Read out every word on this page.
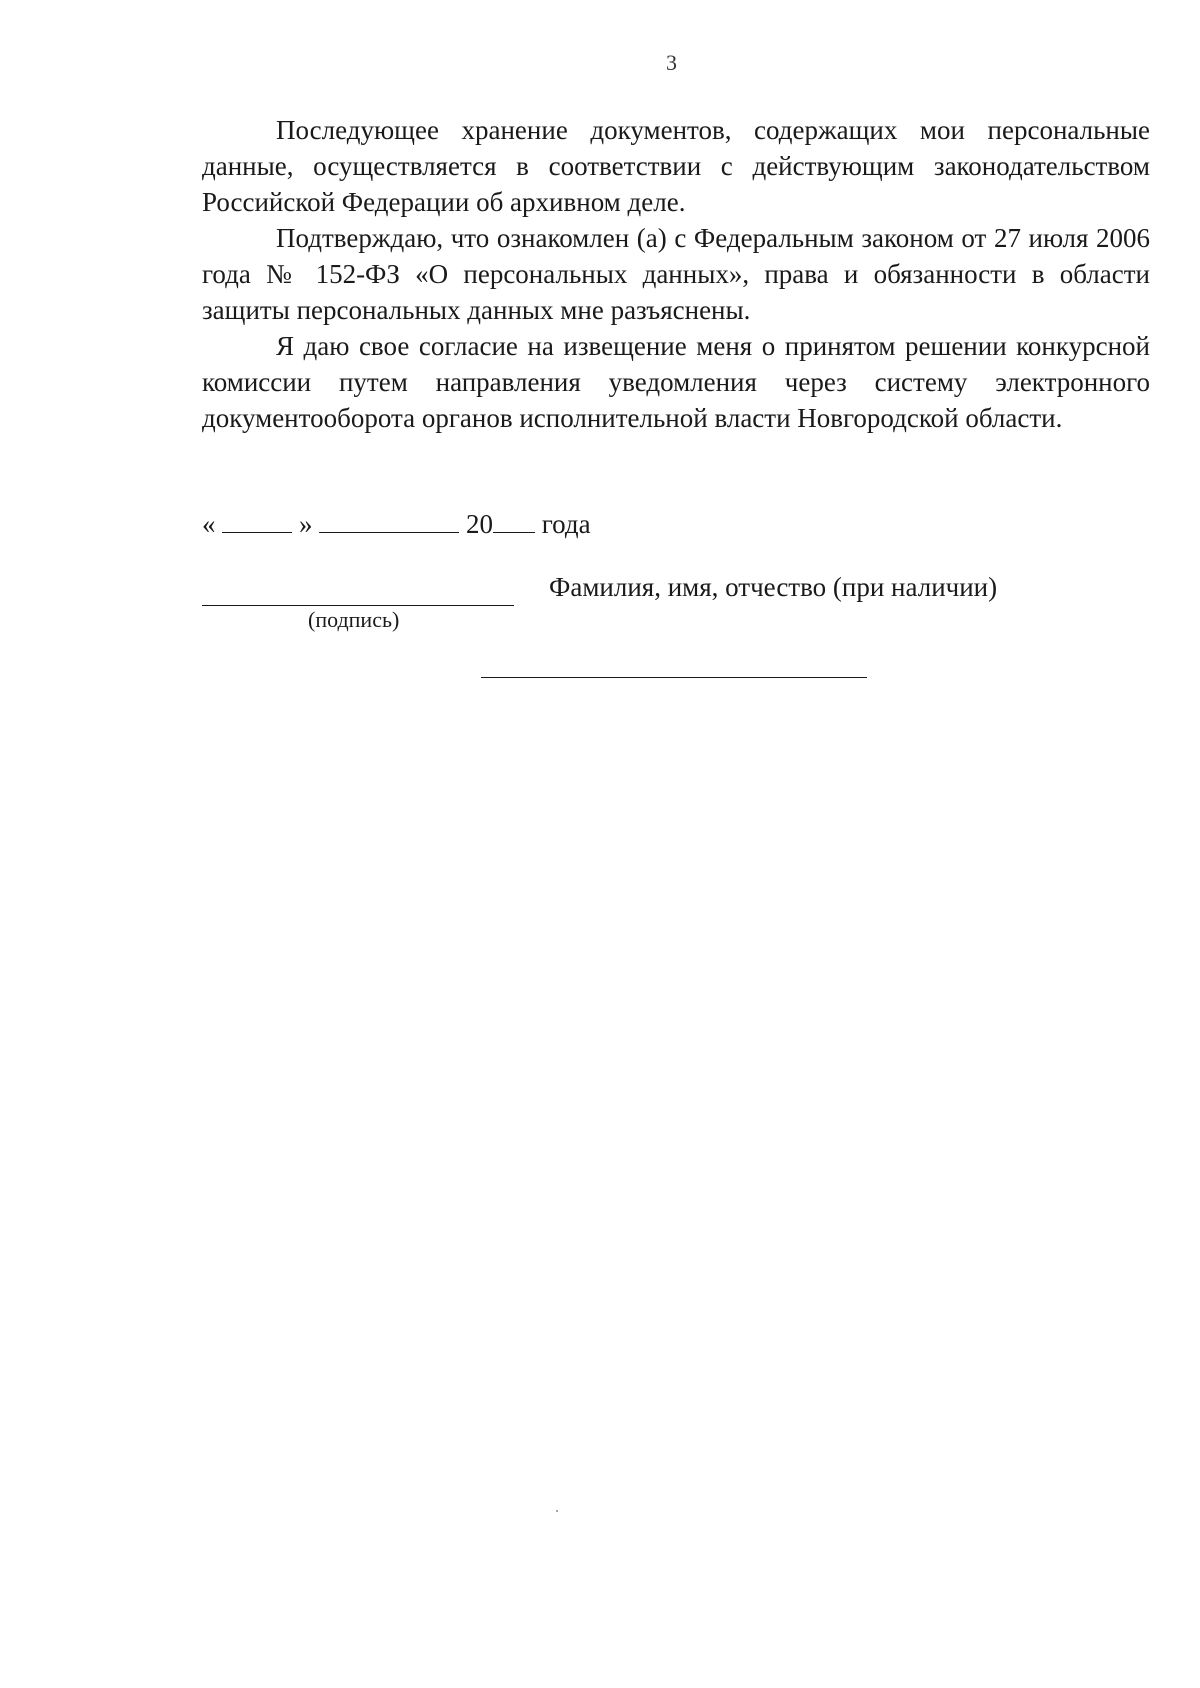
3

Последующее хранение документов, содержащих мои персональные данные, осуществляется в соответствии с действующим законодательством Российской Федерации об архивном деле.

Подтверждаю, что ознакомлен (а) с Федеральным законом от 27 июля 2006 года № 152-ФЗ «О персональных данных», права и обязанности в области защиты персональных данных мне разъяснены.

Я даю свое согласие на извещение меня о принятом решении конкурсной комиссии путем направления уведомления через систему электронного документооборота органов исполнительной власти Новгородской области.

«	»	20 года
(подпись)
Фамилия, имя, отчество (при наличии)
